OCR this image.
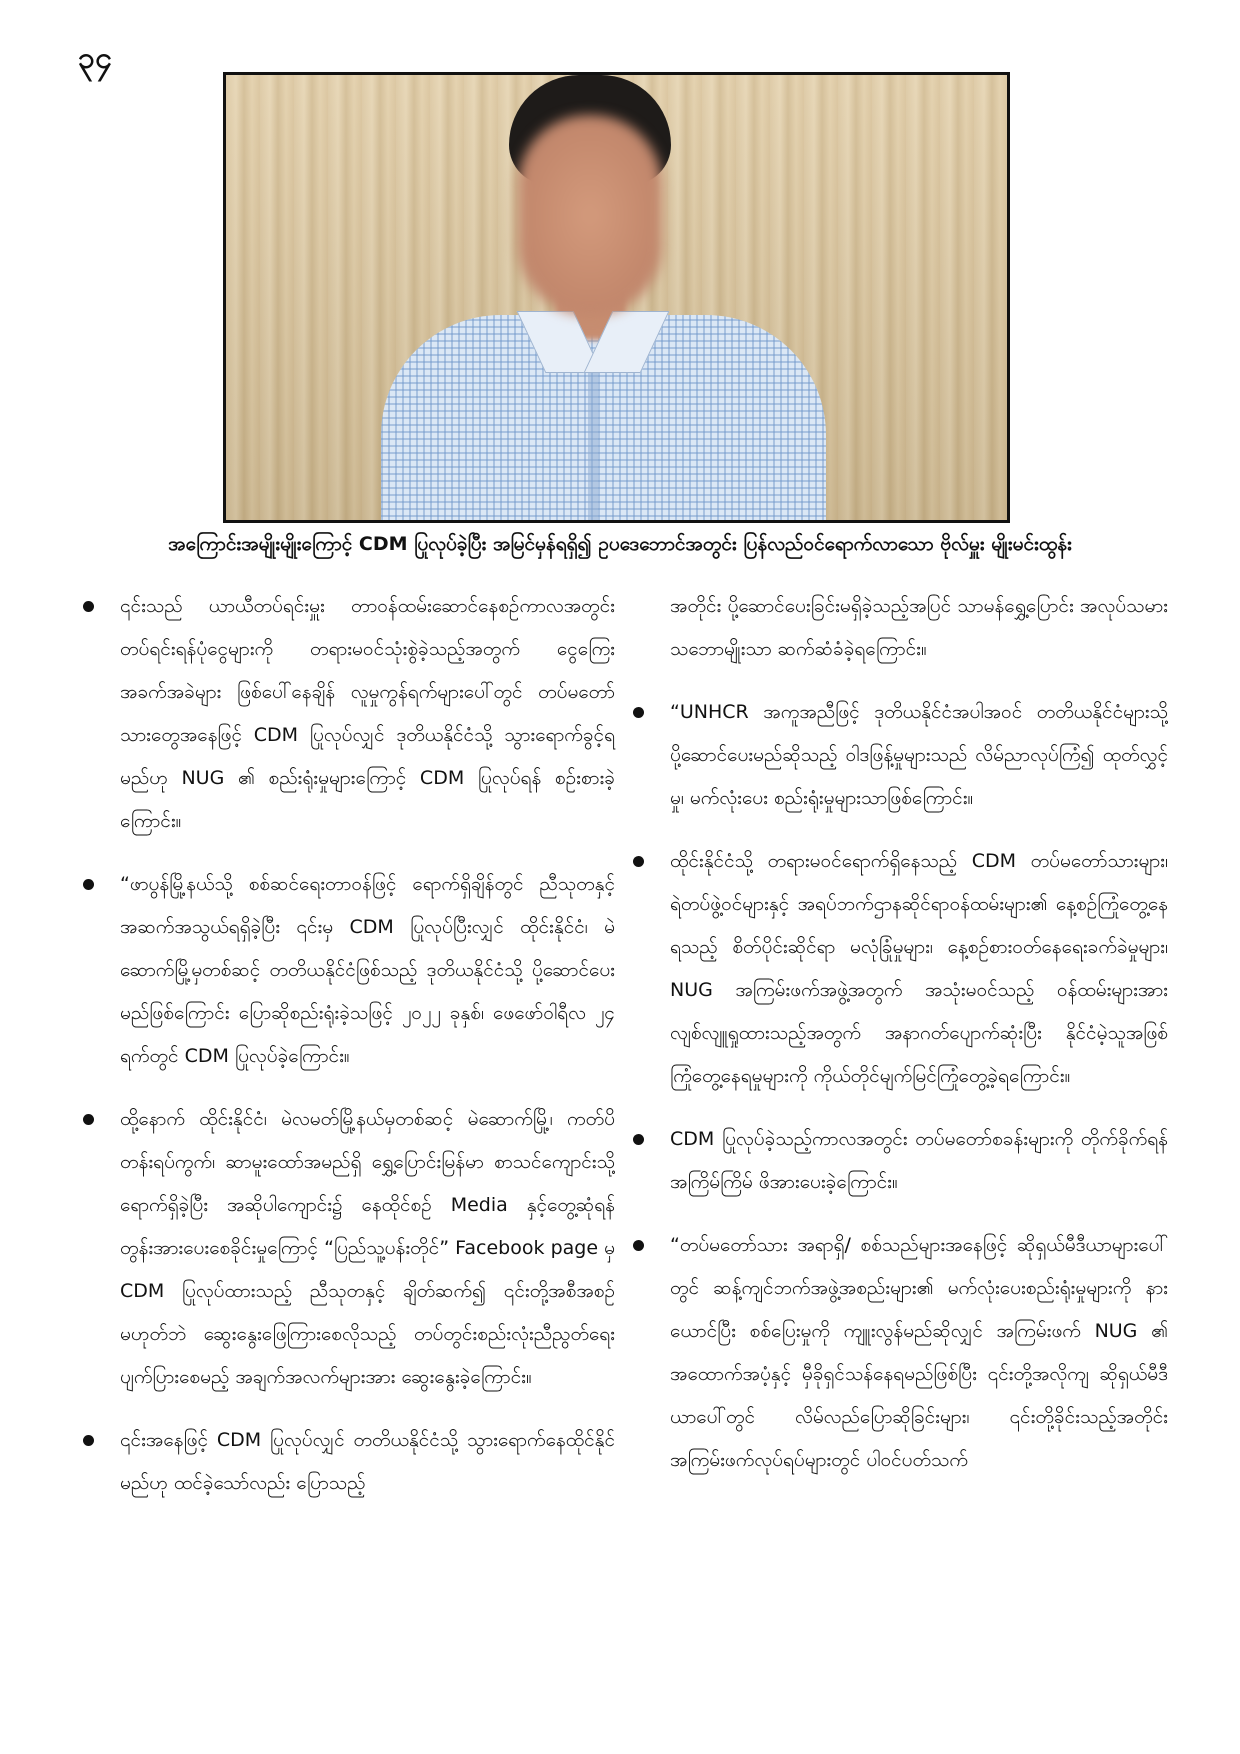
၃၄
အကြောင်းအမျိုးမျိုးကြောင့် CDM ပြုလုပ်ခဲ့ပြီး အမြင်မှန်ရရှိ၍ ဥပဒေဘောင်အတွင်း ပြန်လည်ဝင်ရောက်လာသော ဗိုလ်မှူး မျိုးမင်းထွန်း
၎င်းသည် ယာယီတပ်ရင်းမှူး တာဝန်ထမ်းဆောင်နေစဉ်ကာလအတွင်း တပ်ရင်းရန်ပုံငွေများကို တရားမဝင်သုံးစွဲခဲ့သည့်အတွက် ငွေကြေးအခက်အခဲများ ဖြစ်ပေါ်နေချိန် လူမှုကွန်ရက်များပေါ်တွင် တပ်မတော်သားတွေအနေဖြင့် CDM ပြုလုပ်လျှင် ဒုတိယနိုင်ငံသို့ သွားရောက်ခွင့်ရမည်ဟု NUG ၏ စည်းရုံးမှုများကြောင့် CDM ပြုလုပ်ရန် စဉ်းစားခဲ့ကြောင်း။
“ဖာပွန်မြို့နယ်သို့ စစ်ဆင်ရေးတာဝန်ဖြင့် ရောက်ရှိချိန်တွင် ညီသုတနှင့် အဆက်အသွယ်ရရှိခဲ့ပြီး ၎င်းမှ CDM ပြုလုပ်ပြီးလျှင် ထိုင်းနိုင်ငံ၊ မဲဆောက်မြို့မှတစ်ဆင့် တတိယနိုင်ငံဖြစ်သည့် ဒုတိယနိုင်ငံသို့ ပို့ဆောင်ပေးမည်ဖြစ်ကြောင်း ပြောဆိုစည်းရုံးခဲ့သဖြင့် ၂၀၂၂ ခုနှစ်၊ ဖေဖော်ဝါရီလ ၂၄ ရက်တွင် CDM ပြုလုပ်ခဲ့ကြောင်း။
ထို့နောက် ထိုင်းနိုင်ငံ၊ မဲလမတ်မြို့နယ်မှတစ်ဆင့် မဲဆောက်မြို့၊ ကတ်ပိတန်းရပ်ကွက်၊ ဆာမူးထော်အမည်ရှိ ရွှေ့ပြောင်းမြန်မာ စာသင်ကျောင်းသို့ ရောက်ရှိခဲ့ပြီး အဆိုပါကျောင်း၌ နေထိုင်စဉ် Media နှင့်တွေ့ဆုံရန် တွန်းအားပေးစေခိုင်းမှုကြောင့် “ပြည်သူ့ပန်းတိုင်” Facebook page မှ CDM ပြုလုပ်ထားသည့် ညီသုတနှင့် ချိတ်ဆက်၍ ၎င်းတို့အစီအစဉ်မဟုတ်ဘဲ ဆွေးနွေးဖြေကြားစေလိုသည့် တပ်တွင်းစည်းလုံးညီညွတ်ရေးပျက်ပြားစေမည့် အချက်အလက်များအား ဆွေးနွေးခဲ့ကြောင်း။
၎င်းအနေဖြင့် CDM ပြုလုပ်လျှင် တတိယနိုင်ငံသို့ သွားရောက်နေထိုင်နိုင်မည်ဟု ထင်ခဲ့သော်လည်း ပြောသည့်
အတိုင်း ပို့ဆောင်ပေးခြင်းမရှိခဲ့သည့်အပြင် သာမန်ရွှေ့ပြောင်း အလုပ်သမားသဘောမျိုးသာ ဆက်ဆံခံခဲ့ရကြောင်း။
“UNHCR အကူအညီဖြင့် ဒုတိယနိုင်ငံအပါအဝင် တတိယနိုင်ငံများသို့ ပို့ဆောင်ပေးမည်ဆိုသည့် ဝါဒဖြန့်မှုများသည် လိမ်ညာလုပ်ကြံ၍ ထုတ်လွှင့်မှု၊ မက်လုံးပေး စည်းရုံးမှုများသာဖြစ်ကြောင်း။
ထိုင်းနိုင်ငံသို့ တရားမဝင်ရောက်ရှိနေသည့် CDM တပ်မတော်သားများ၊ ရဲတပ်ဖွဲ့ဝင်များနှင့် အရပ်ဘက်ဌာနဆိုင်ရာဝန်ထမ်းများ၏ နေ့စဉ်ကြုံတွေ့နေရသည့် စိတ်ပိုင်းဆိုင်ရာ မလုံခြုံမှုများ၊ နေ့စဉ်စားဝတ်နေရေးခက်ခဲမှုများ၊ NUG အကြမ်းဖက်အဖွဲ့အတွက် အသုံးမဝင်သည့် ဝန်ထမ်းများအား လျစ်လျူရှုထားသည့်အတွက် အနာဂတ်ပျောက်ဆုံးပြီး နိုင်ငံမဲ့သူအဖြစ် ကြုံတွေ့နေရမှုများကို ကိုယ်တိုင်မျက်မြင်ကြုံတွေ့ခဲ့ရကြောင်း။
CDM ပြုလုပ်ခဲ့သည့်ကာလအတွင်း တပ်မတော်စခန်းများကို တိုက်ခိုက်ရန် အကြိမ်ကြိမ် ဖိအားပေးခဲ့ကြောင်း။
“တပ်မတော်သား အရာရှိ/ စစ်သည်များအနေဖြင့် ဆိုရှယ်မီဒီယာများပေါ်တွင် ဆန့်ကျင်ဘက်အဖွဲ့အစည်းများ၏ မက်လုံးပေးစည်းရုံးမှုများကို နားယောင်ပြီး စစ်ပြေးမှုကို ကျူးလွန်မည်ဆိုလျှင် အကြမ်းဖက် NUG ၏ အထောက်အပံ့နှင့် မှီခိုရှင်သန်နေရမည်ဖြစ်ပြီး ၎င်းတို့အလိုကျ ဆိုရှယ်မီဒီယာပေါ်တွင် လိမ်လည်ပြောဆိုခြင်းများ၊ ၎င်းတို့ခိုင်းသည့်အတိုင်း အကြမ်းဖက်လုပ်ရပ်များတွင် ပါဝင်ပတ်သက်
